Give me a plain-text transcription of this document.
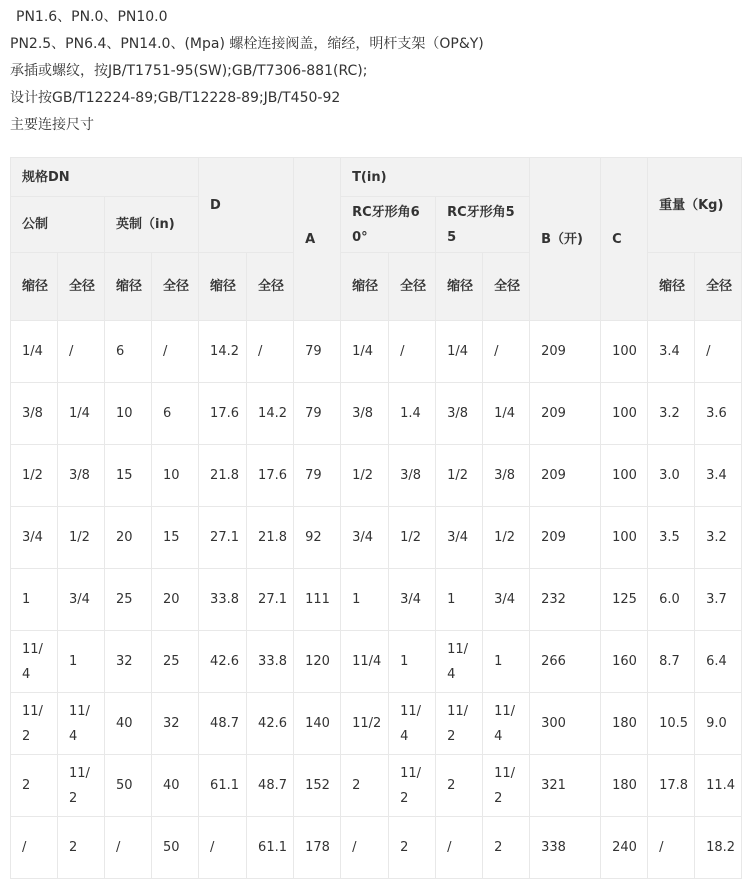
PN1.6、PN.0、PN10.0
PN2.5、PN6.4、PN14.0、(Mpa) 螺栓连接阀盖，缩经，明杆支架（OP&Y)
承插或螺纹，按JB/T1751-95(SW);GB/T7306-881(RC);
设计按GB/T12224-89;GB/T12228-89;JB/T450-92
主要连接尺寸
规格DN				D		A	T(in)				B（开)	C	重量（Kg)	
公制		英制（in)					RC牙形角60°		RC牙形角55					
缩径	全径	缩径	全径	缩径	全径		缩径	全径	缩径	全径			缩径	全径
1/4	/	6	/	14.2	/	79	1/4	/	1/4	/	209	100	3.4	/
3/8	1/4	10	6	17.6	14.2	79	3/8	1.4	3/8	1/4	209	100	3.2	3.6
1/2	3/8	15	10	21.8	17.6	79	1/2	3/8	1/2	3/8	209	100	3.0	3.4
3/4	1/2	20	15	27.1	21.8	92	3/4	1/2	3/4	1/2	209	100	3.5	3.2
1	3/4	25	20	33.8	27.1	111	1	3/4	1	3/4	232	125	6.0	3.7
11/4	1	32	25	42.6	33.8	120	11/4	1	11/4	1	266	160	8.7	6.4
11/2	11/4	40	32	48.7	42.6	140	11/2	11/4	11/2	11/4	300	180	10.5	9.0
2	11/2	50	40	61.1	48.7	152	2	11/2	2	11/2	321	180	17.8	11.4
/	2	/	50	/	61.1	178	/	2	/	2	338	240	/	18.2
